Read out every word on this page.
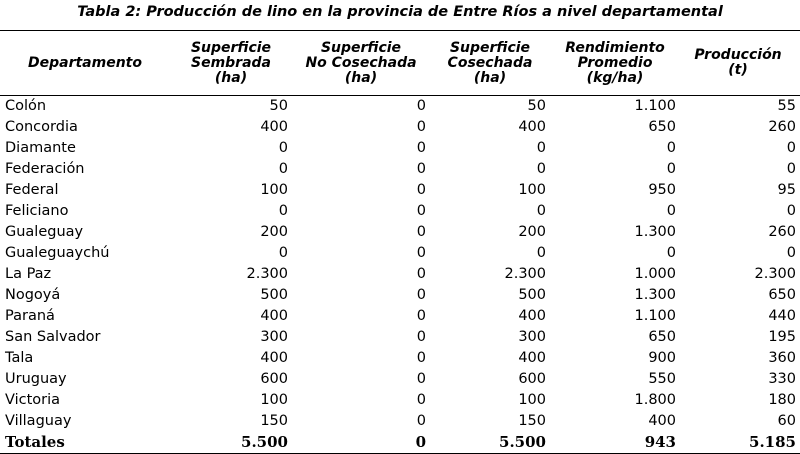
Tabla 2: Producción de lino en la provincia de Entre Ríos a nivel departamental
Departamento	Superficie
Sembrada
(ha)	Superficie
No Cosechada
(ha)	Superficie
Cosechada
(ha)	Rendimiento
Promedio
(kg/ha)	Producción
(t)

Colón	50	0	50	1.100	55
Concordia	400	0	400	650	260
Diamante	0	0	0	0	0
Federación	0	0	0	0	0
Federal	100	0	100	950	95
Feliciano	0	0	0	0	0
Gualeguay	200	0	200	1.300	260
Gualeguaychú	0	0	0	0	0
La Paz	2.300	0	2.300	1.000	2.300
Nogoyá	500	0	500	1.300	650
Paraná	400	0	400	1.100	440
San Salvador	300	0	300	650	195
Tala	400	0	400	900	360
Uruguay	600	0	600	550	330
Victoria	100	0	100	1.800	180
Villaguay	150	0	150	400	60
Totales	5.500	0	5.500	943	5.185
